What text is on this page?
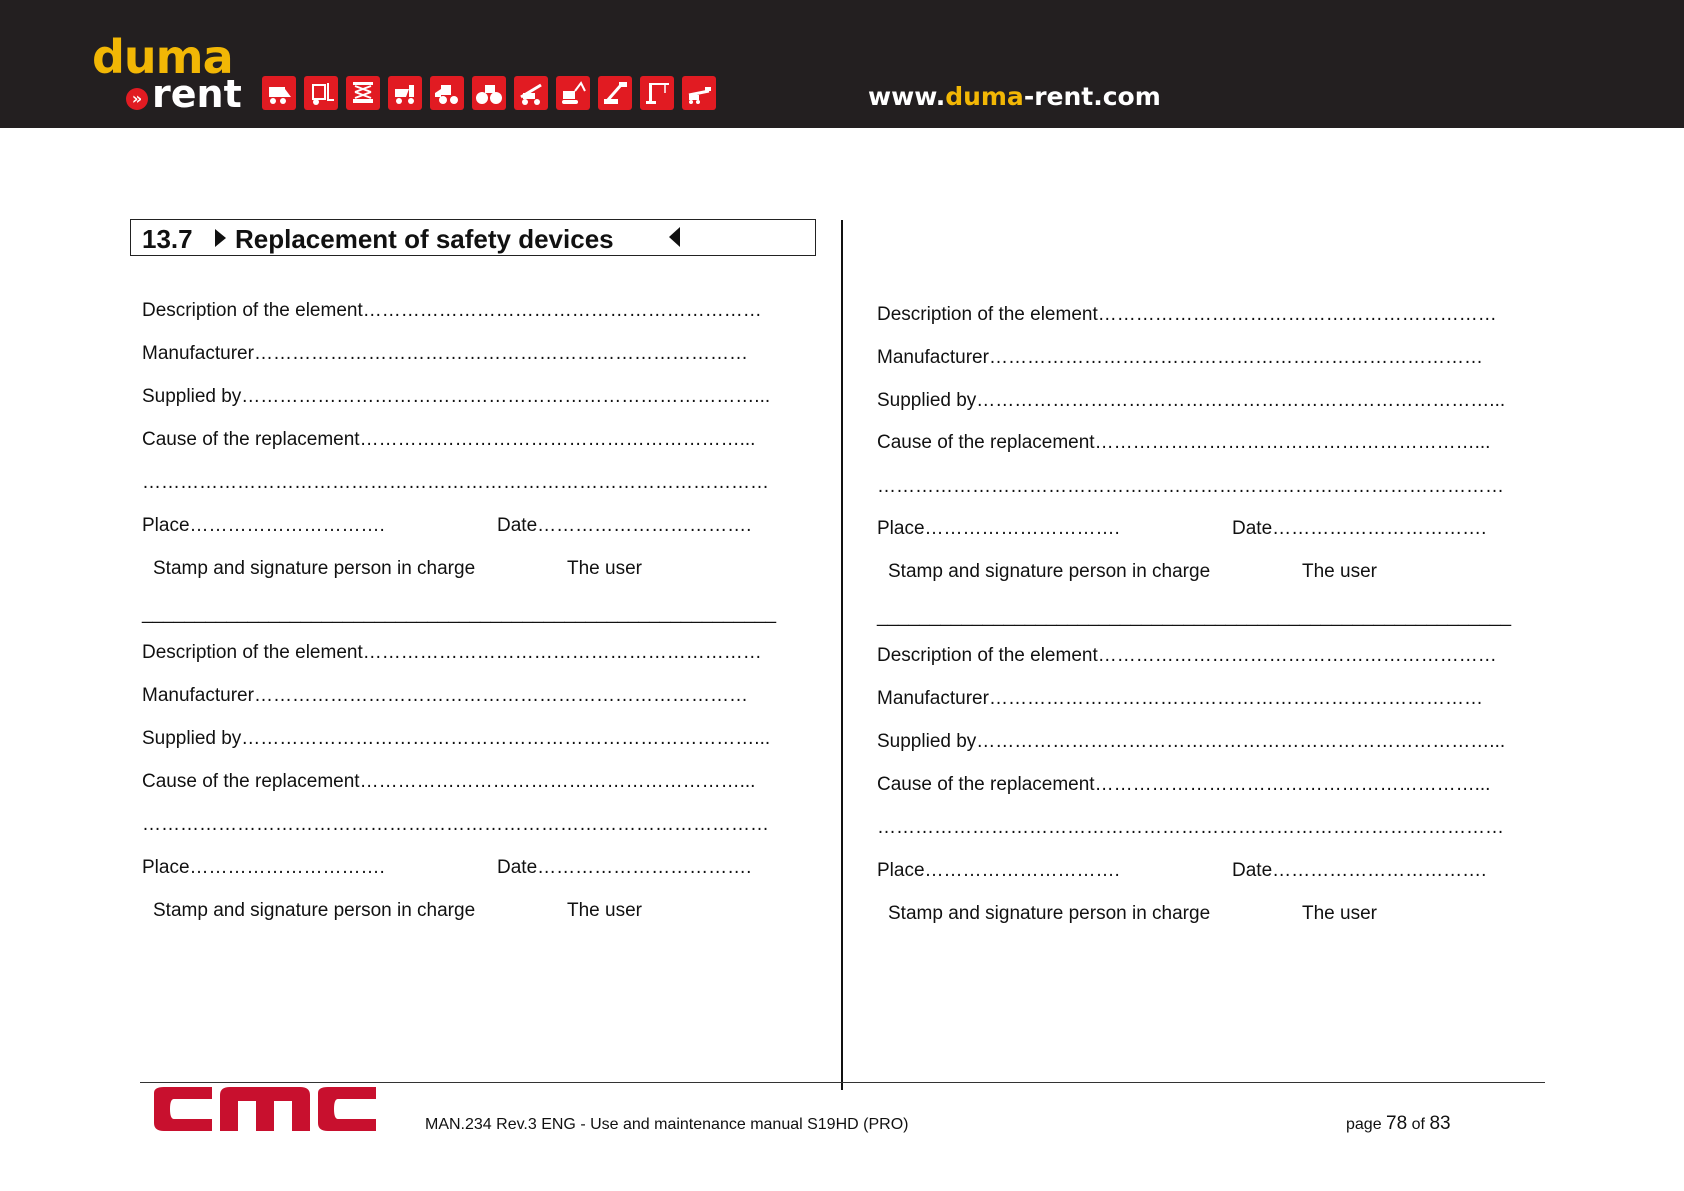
duma
» rent	www.duma-rent.com
13.7 Replacement of safety devices
Description of the element………………………………………………………
Manufacturer……………………………………………………………………
Supplied by………………………………………………………………………...
Cause of the replacement……………………………………………………...
………………………………………………………………………………………
Place………………………….	Date…………………………….
Stamp and signature person in charge	The user
____________________________________________________________
Description of the element………………………………………………………
Manufacturer……………………………………………………………………
Supplied by………………………………………………………………………...
Cause of the replacement……………………………………………………...
………………………………………………………………………………………
Place………………………….	Date…………………………….
Stamp and signature person in charge	The user
Description of the element………………………………………………………
Manufacturer……………………………………………………………………
Supplied by………………………………………………………………………...
Cause of the replacement……………………………………………………...
………………………………………………………………………………………
Place………………………….	Date…………………………….
Stamp and signature person in charge	The user
____________________________________________________________
Description of the element………………………………………………………
Manufacturer……………………………………………………………………
Supplied by………………………………………………………………………...
Cause of the replacement……………………………………………………...
………………………………………………………………………………………
Place………………………….	Date…………………………….
Stamp and signature person in charge	The user
MAN.234 Rev.3 ENG - Use and maintenance manual S19HD (PRO)	page 78 of 83
